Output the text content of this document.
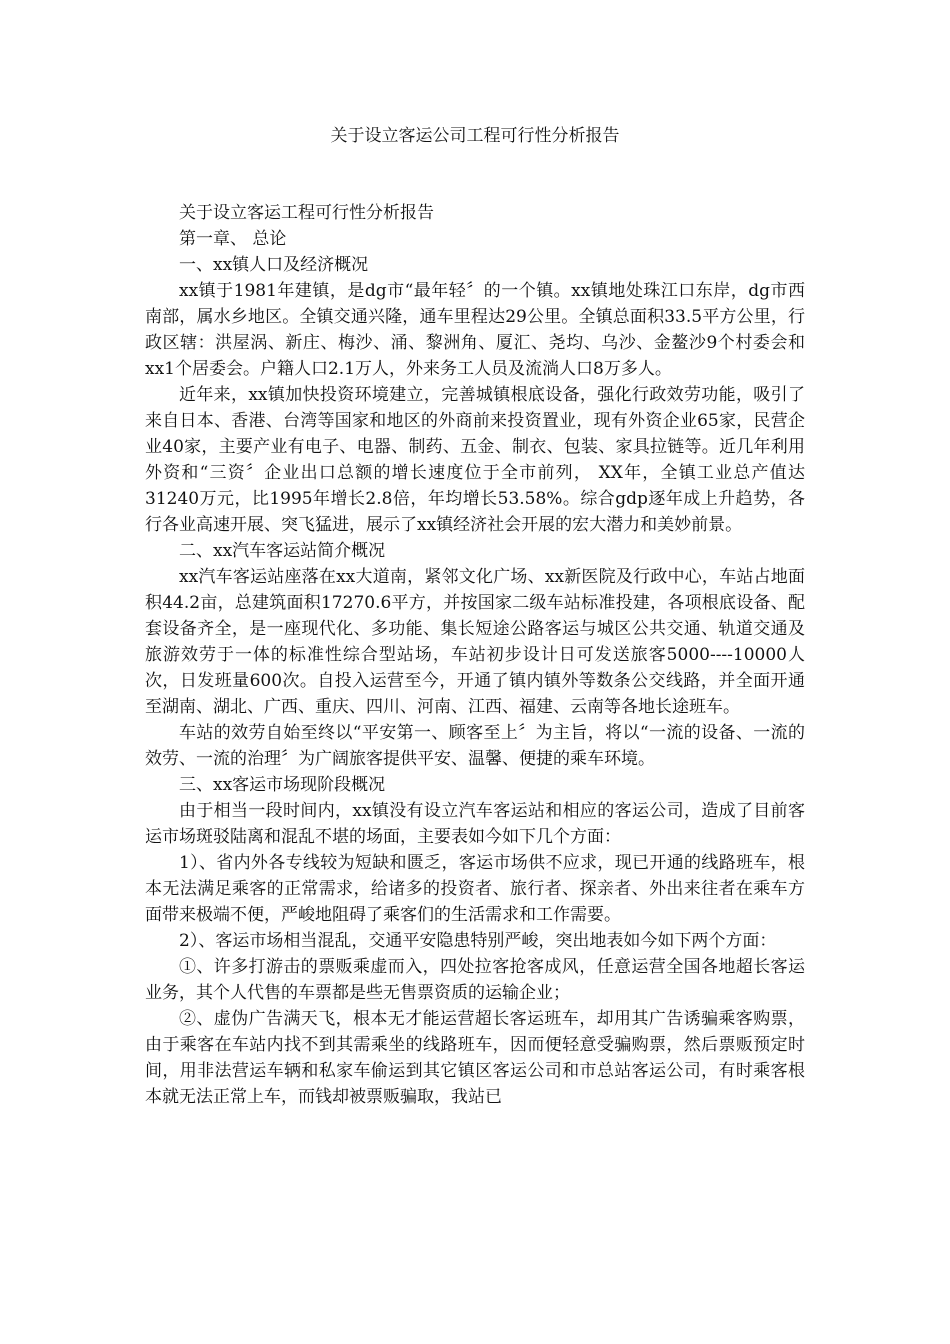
关于设立客运公司工程可行性分析报告

关于设立客运工程可行性分析报告

第一章、 总论

一、xx镇人口及经济概况

xx镇于1981年建镇，是dg市“最年轻〞的一个镇。xx镇地处珠江口东岸，dg市西南部，属水乡地区。全镇交通兴隆，通车里程达29公里。全镇总面积33.5平方公里，行政区辖：洪屋涡、新庄、梅沙、涌、黎洲角、厦汇、尧均、乌沙、金鳌沙9个村委会和xx1个居委会。户籍人口2.1万人，外来务工人员及流淌人口8万多人。

近年来，xx镇加快投资环境建立，完善城镇根底设备，强化行政效劳功能，吸引了来自日本、香港、台湾等国家和地区的外商前来投资置业，现有外资企业65家，民营企业40家，主要产业有电子、电器、制药、五金、制衣、包装、家具拉链等。近几年利用外资和“三资〞企业出口总额的增长速度位于全市前列， XX年，全镇工业总产值达31240万元，比1995年增长2.8倍，年均增长53.58%。综合gdp逐年成上升趋势，各行各业高速开展、突飞猛进，展示了xx镇经济社会开展的宏大潜力和美妙前景。

二、xx汽车客运站简介概况

xx汽车客运站座落在xx大道南，紧邻文化广场、xx新医院及行政中心，车站占地面积44.2亩，总建筑面积17270.6平方，并按国家二级车站标准投建，各项根底设备、配套设备齐全，是一座现代化、多功能、集长短途公路客运与城区公共交通、轨道交通及旅游效劳于一体的标准性综合型站场，车站初步设计日可发送旅客5000----10000人次，日发班量600次。自投入运营至今，开通了镇内镇外等数条公交线路，并全面开通至湖南、湖北、广西、重庆、四川、河南、江西、福建、云南等各地长途班车。

车站的效劳自始至终以“平安第一、顾客至上〞为主旨，将以“一流的设备、一流的效劳、一流的治理〞为广阔旅客提供平安、温馨、便捷的乘车环境。

三、xx客运市场现阶段概况

由于相当一段时间内，xx镇没有设立汽车客运站和相应的客运公司，造成了目前客运市场斑驳陆离和混乱不堪的场面，主要表如今如下几个方面：

1）、省内外各专线较为短缺和匮乏，客运市场供不应求，现已开通的线路班车，根本无法满足乘客的正常需求，给诸多的投资者、旅行者、探亲者、外出来往者在乘车方面带来极端不便，严峻地阻碍了乘客们的生活需求和工作需要。

2）、客运市场相当混乱，交通平安隐患特别严峻，突出地表如今如下两个方面：

①、许多打游击的票贩乘虚而入，四处拉客抢客成风，任意运营全国各地超长客运业务，其个人代售的车票都是些无售票资质的运输企业；

②、虚伪广告满天飞，根本无才能运营超长客运班车，却用其广告诱骗乘客购票，由于乘客在车站内找不到其需乘坐的线路班车，因而便轻意受骗购票，然后票贩预定时间，用非法营运车辆和私家车偷运到其它镇区客运公司和市总站客运公司，有时乘客根本就无法正常上车，而钱却被票贩骗取，我站已
